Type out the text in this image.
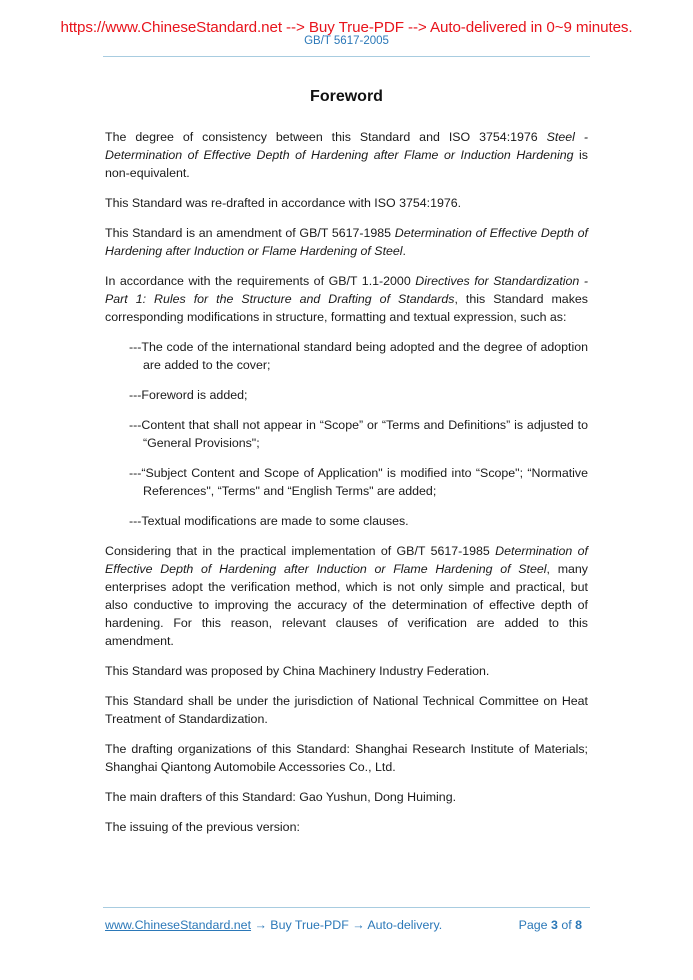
https://www.ChineseStandard.net --> Buy True-PDF --> Auto-delivered in 0~9 minutes.
GB/T 5617-2005
Foreword

The degree of consistency between this Standard and ISO 3754:1976 Steel - Determination of Effective Depth of Hardening after Flame or Induction Hardening is non-equivalent.

This Standard was re-drafted in accordance with ISO 3754:1976.

This Standard is an amendment of GB/T 5617-1985 Determination of Effective Depth of Hardening after Induction or Flame Hardening of Steel.

In accordance with the requirements of GB/T 1.1-2000 Directives for Standardization - Part 1: Rules for the Structure and Drafting of Standards, this Standard makes corresponding modifications in structure, formatting and textual expression, such as:

---The code of the international standard being adopted and the degree of adoption are added to the cover;

---Foreword is added;

---Content that shall not appear in “Scope” or “Terms and Definitions” is adjusted to “General Provisions";

---“Subject Content and Scope of Application" is modified into “Scope"; “Normative References", “Terms" and “English Terms" are added;

---Textual modifications are made to some clauses.

Considering that in the practical implementation of GB/T 5617-1985 Determination of Effective Depth of Hardening after Induction or Flame Hardening of Steel, many enterprises adopt the verification method, which is not only simple and practical, but also conductive to improving the accuracy of the determination of effective depth of hardening. For this reason, relevant clauses of verification are added to this amendment.

This Standard was proposed by China Machinery Industry Federation.

This Standard shall be under the jurisdiction of National Technical Committee on Heat Treatment of Standardization.

The drafting organizations of this Standard: Shanghai Research Institute of Materials; Shanghai Qiantong Automobile Accessories Co., Ltd.

The main drafters of this Standard: Gao Yushun, Dong Huiming.

The issuing of the previous version:

www.ChineseStandard.net → Buy True-PDF → Auto-delivery.	Page 3 of 8
